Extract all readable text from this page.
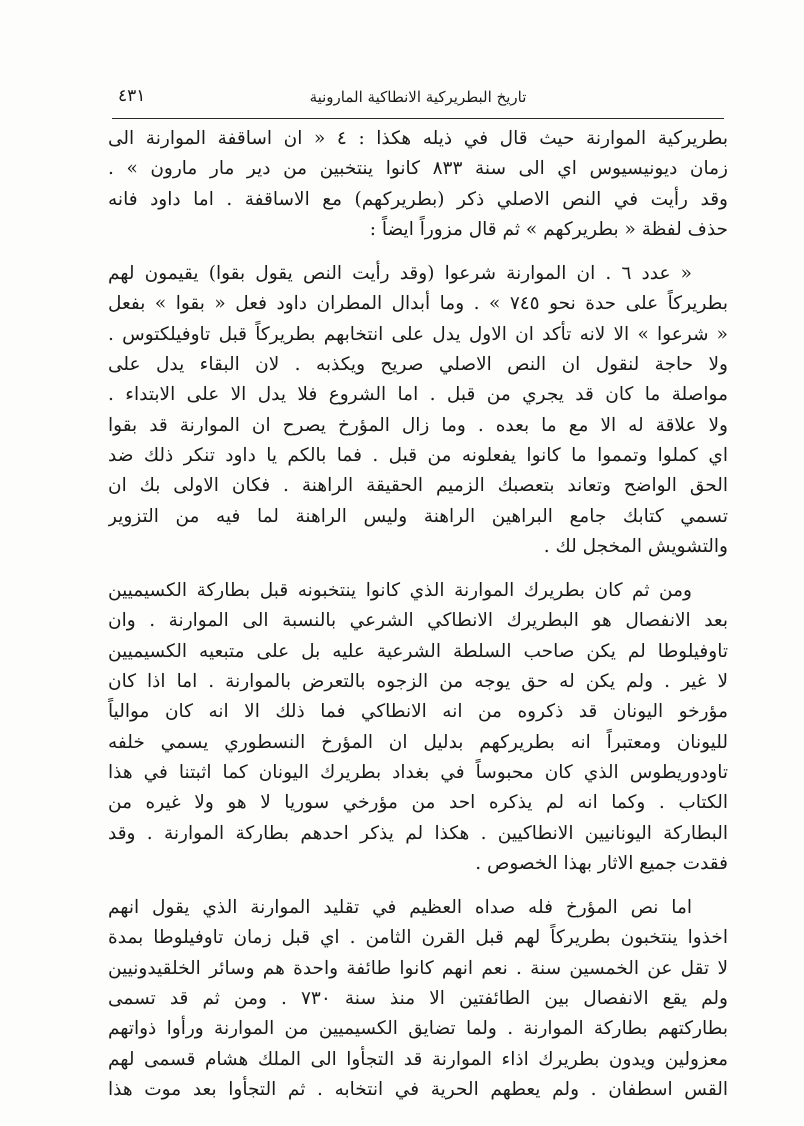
تاريخ البطريركية الانطاكية المارونية
٤٣١
بطريركية الموارنة حيث قال في ذيله هكذا : ٤ « ان اساقفة الموارنة الى
زمان ديونيسيوس اي الى سنة ٨٣٣ كانوا ينتخبين من دير مار مارون » .
وقد رأيت في النص الاصلي ذكر (بطريركهم) مع الاساقفة . اما داود فانه
حذف لفظة « بطريركهم » ثم قال مزوراً ايضاً :
« عدد ٦ . ان الموارنة شرعوا (وقد رأيت النص يقول بقوا) يقيمون لهم
بطريركاً على حدة نحو ٧٤٥ » . وما أبدال المطران داود فعل « بقوا » بفعل
« شرعوا » الا لانه تأكد ان الاول يدل على انتخابهم بطريركاً قبل تاوفيلكتوس .
ولا حاجة لنقول ان النص الاصلي صريح ويكذبه . لان البقاء يدل على
مواصلة ما كان قد يجري من قبل . اما الشروع فلا يدل الا على الابتداء .
ولا علاقة له الا مع ما بعده . وما زال المؤرخ يصرح ان الموارنة قد بقوا
اي كملوا وتمموا ما كانوا يفعلونه من قبل . فما بالكم يا داود تنكر ذلك ضد
الحق الواضح وتعاند بتعصبك الزميم الحقيقة الراهنة . فكان الاولى بك ان
تسمي كتابك جامع البراهين الراهنة وليس الراهنة لما فيه من التزوير
والتشويش المخجل لك .
ومن ثم كان بطريرك الموارنة الذي كانوا ينتخبونه قبل بطاركة الكسيميين
بعد الانفصال هو البطريرك الانطاكي الشرعي بالنسبة الى الموارنة . وان
تاوفيلوطا لم يكن صاحب السلطة الشرعية عليه بل على متبعيه الكسيميين
لا غير . ولم يكن له حق يوجه من الزجوه بالتعرض بالموارنة . اما اذا كان
مؤرخو اليونان قد ذكروه من انه الانطاكي فما ذلك الا انه كان موالياً
لليونان ومعتبراً انه بطريركهم بدليل ان المؤرخ النسطوري يسمي خلفه
تاودوريطوس الذي كان محبوساً في بغداد بطريرك اليونان كما اثبتنا في هذا
الكتاب . وكما انه لم يذكره احد من مؤرخي سوريا لا هو ولا غيره من
البطاركة اليونانيين الانطاكيين . هكذا لم يذكر احدهم بطاركة الموارنة . وقد
فقدت جميع الاثار بهذا الخصوص .
اما نص المؤرخ فله صداه العظيم في تقليد الموارنة الذي يقول انهم
اخذوا ينتخبون بطريركاً لهم قبل القرن الثامن . اي قبل زمان تاوفيلوطا بمدة
لا تقل عن الخمسين سنة . نعم انهم كانوا طائفة واحدة هم وسائر الخلقيدونيين
ولم يقع الانفصال بين الطائفتين الا منذ سنة ٧٣٠ . ومن ثم قد تسمى
بطاركتهم بطاركة الموارنة . ولما تضايق الكسيميين من الموارنة ورأوا ذواتهم
معزولين ويدون بطريرك اذاء الموارنة قد التجأوا الى الملك هشام قسمى لهم
القس اسطفان . ولم يعطهم الحرية في انتخابه . ثم التجأوا بعد موت هذا
